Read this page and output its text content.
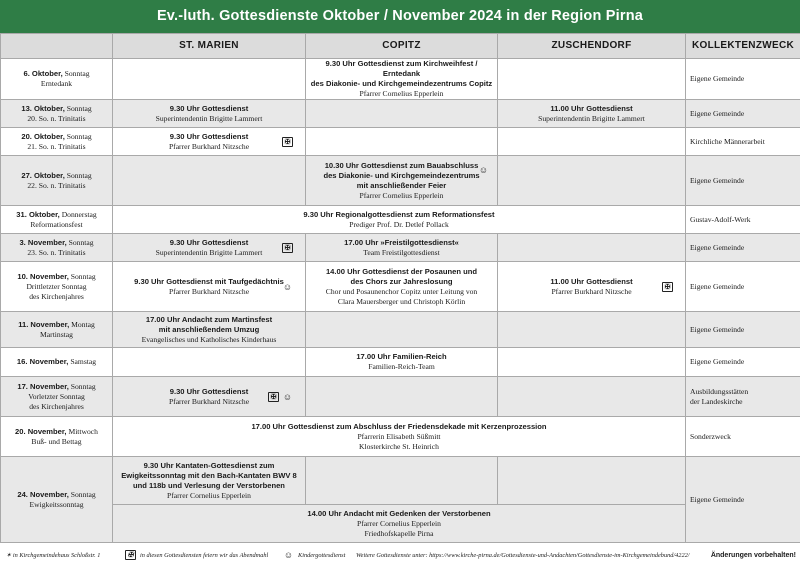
Ev.-luth. Gottesdienste Oktober / November 2024 in der Region Pirna
	ST. MARIEN	COPITZ	ZUSCHENDORF	KOLLEKTENZWECK
6. Oktober, Sonntag
Erntedank		9.30 Uhr Gottesdienst zum Kirchweihfest / Erntedank
des Diakonie- und Kirchgemeindezentrums Copitz
Pfarrer Cornelius Epperlein		Eigene Gemeinde
13. Oktober, Sonntag
20. So. n. Trinitatis	9.30 Uhr Gottesdienst
Superintendentin Brigitte Lammert		11.00 Uhr Gottesdienst
Superintendentin Brigitte Lammert	Eigene Gemeinde
20. Oktober, Sonntag
21. So. n. Trinitatis	9.30 Uhr Gottesdienst
Pfarrer Burkhard Nitzsche ✠			Kirchliche Männerarbeit
27. Oktober, Sonntag
22. So. n. Trinitatis		10.30 Uhr Gottesdienst zum Bauabschluss
des Diakonie- und Kirchgemeindezentrums
mit anschließender Feier
Pfarrer Cornelius Epperlein
☺		Eigene Gemeinde
31. Oktober, Donnerstag
Reformationsfest	9.30 Uhr Regionalgottesdienst zum Reformationsfest
Prediger Prof. Dr. Detlef Pollack			Gustav-Adolf-Werk
3. November, Sonntag
23. So. n. Trinitatis	9.30 Uhr Gottesdienst
Superintendentin Brigitte Lammert ✠	17.00 Uhr »Freistilgottesdienst«
Team Freistilgottesdienst		Eigene Gemeinde
10. November, Sonntag
Drittletzter Sonntag
des Kirchenjahres	9.30 Uhr Gottesdienst mit Taufgedächtnis
Pfarrer Burkhard Nitzsche ☺	14.00 Uhr Gottesdienst der Posaunen und
des Chors zur Jahreslosung
Chor und Posaunenchor Copitz unter Leitung von
Clara Mauersberger und Christoph Körlin	11.00 Uhr Gottesdienst
Pfarrer Burkhard Nitzsche ✠	Eigene Gemeinde
11. November, Montag
Martinstag	17.00 Uhr Andacht zum Martinsfest
mit anschließendem Umzug
Evangelisches und Katholisches Kinderhaus			Eigene Gemeinde
16. November, Samstag		17.00 Uhr Familien-Reich
Familien-Reich-Team		Eigene Gemeinde
17. November, Sonntag
Vorletzter Sonntag
des Kirchenjahres	9.30 Uhr Gottesdienst
Pfarrer Burkhard Nitzsche ✠ ☺			Ausbildungsstätten
der Landeskirche
20. November, Mittwoch
Buß- und Bettag	17.00 Uhr Gottesdienst zum Abschluss der Friedensdekade mit Kerzenprozession
Pfarrerin Elisabeth Süßmitt
Klosterkirche St. Heinrich			Sonderzweck
24. November, Sonntag
Ewigkeitssonntag	9.30 Uhr Kantaten-Gottesdienst zum
Ewigkeitssonntag mit den Bach-Kantaten BWV 8
und 118b und Verlesung der Verstorbenen
Pfarrer Cornelius Epperlein			Eigene Gemeinde

	14.00 Uhr Andacht mit Gedenken der Verstorbenen
Pfarrer Cornelius Epperlein
Friedhofskapelle Pirna			
✶ in Kirchgemeindehaus Schloßstr. 1	✠	in diesen Gottesdiensten feiern wir das Abendmahl ☺ Kindergottesdienst Weitere Gottesdienste unter: https://www.kirche-pirna.de/Gottesdienste-und-Andachten/Gottesdienste-im-Kirchgemeindebund/4222/	Änderungen vorbehalten!
